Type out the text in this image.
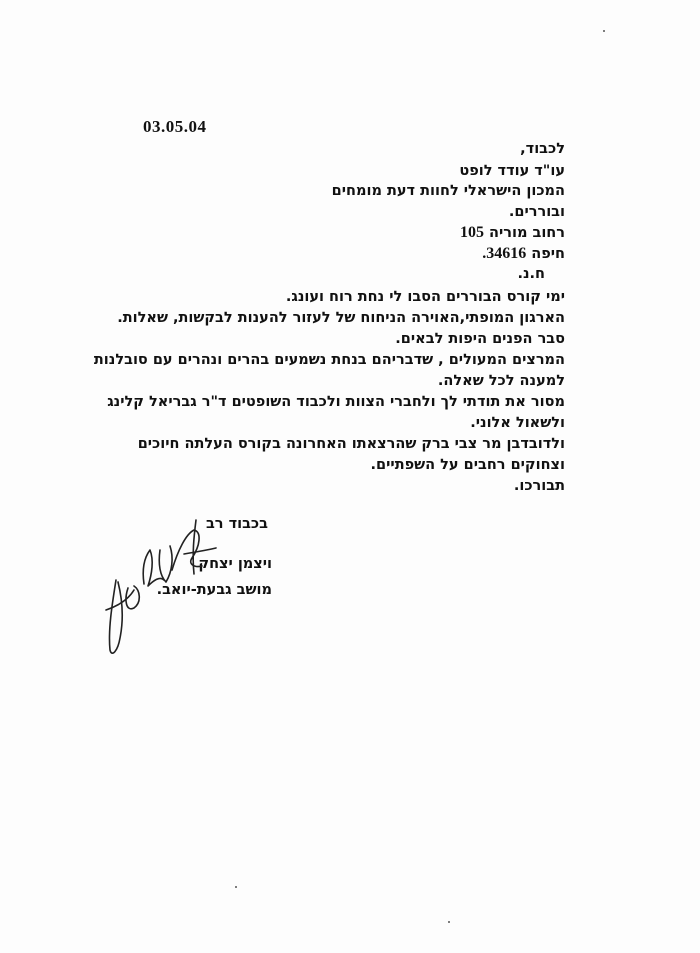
03.05.04
לכבוד,
עו"ד עודד לופט
המכון הישראלי לחוות דעת מומחים
ובוררים.
רחוב מוריה 105
חיפה 34616.
ח.נ.
ימי קורס הבוררים הסבו לי נחת רוח ועונג.
הארגון המופתי,האוירה הניחוח של לעזור להענות לבקשות, שאלות.
סבר הפנים היפות לבאים.
המרצים המעולים , שדבריהם בנחת נשמעים בהרים ונהרים עם סובלנות
למענה לכל שאלה.
מסור את תודתי לך ולחברי הצוות ולכבוד השופטים ד"ר גבריאל קלינג
ולשאול אלוני.
ולדובדבן מר צבי ברק שהרצאתו האחרונה בקורס העלתה חיוכים
וצחוקים רחבים על השפתיים.
תבורכו.
בכבוד רב
ויצמן יצחק
מושב גבעת-יואב.
